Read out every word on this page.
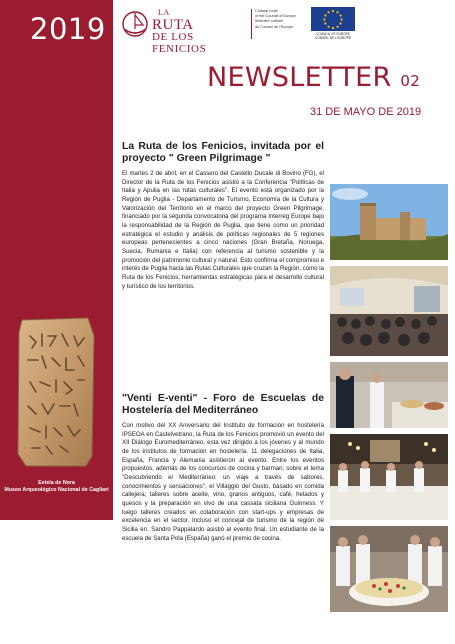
2019
Estela de Nora
Museo Arqueológico Nacional de Cagliari
LA
RUTA
DE LOS FENICIOS
Cultural route
of the Council of Europe
Itinéraire culturel
du Conseil de l'Europe
COUNCIL OF EUROPE
CONSEIL DE L'EUROPE
NEWSLETTER 02
31 DE MAYO DE 2019
La Ruta de los Fenicios, invitada por el proyecto " Green Pilgrimage "
El martes 2 de abril, en el Cassero del Castello Ducale di Bovino (FG), el Director de la Ruta de los Fenicios asistió a la Conferencia "Políticas de Italia y Apulia en las rutas culturales". El evento está organizado por la Región de Puglia - Departamento de Turismo, Economía de la Cultura y Valorización del Territorio en el marco del proyecto Green Pilgrimage, financiado por la segunda convocatoria del programa Interreg Europe bajo la responsabilidad de la Región de Puglia, que tiene como un prioridad estratégica el estudio y análisis de políticas regionales de 5 regiones europeas pertenecientes a cinco naciones (Gran Bretaña, Noruega, Suecia, Rumania e Italia) con referencia al turismo sostenible y la promoción del patrimonio cultural y natural. Esto confirma el compromiso e interés de Puglia hacia las Rutas Culturales que cruzan la Región, como la Ruta de los Fenicios, herramientas estratégicas para el desarrollo cultural y turístico de los territorios.
"Venti E-venti" - Foro de Escuelas de Hostelería del Mediterráneo
Con motivo del XX Aniversario del Instituto de formación en hostelería IPSEOA en Castelvetrano, la Ruta de los Fenicios promovió un evento del XII Diálogo Euromediterráneo, esta vez dirigido a los jóvenes y al mundo de los institutos de formación en hostelería. 11 delegaciones de Italia, España, Francia y Alemania asistieron al evento. Entre los eventos propuestos, además de los concursos de cocina y barman, sobre el tema "Descubriendo el Mediterráneo: un viaje a través de sabores, conocimientos y sensaciones", el Villaggio del Gusto, basado en comida callejera; talleres sobre aceite, vino, granos antiguos, café, helados y quesos y la preparación en vivo de una cassata siciliana Guinness. Y luego talleres creados en colaboración con start-ups y empresas de excelencia en el sector. Incluso el concejal de turismo de la región de Sicilia en. Sandro Pappalardo asistió al evento final. Un estudiante de la escuela de Santa Pola (España) ganó el premio de cocina.
